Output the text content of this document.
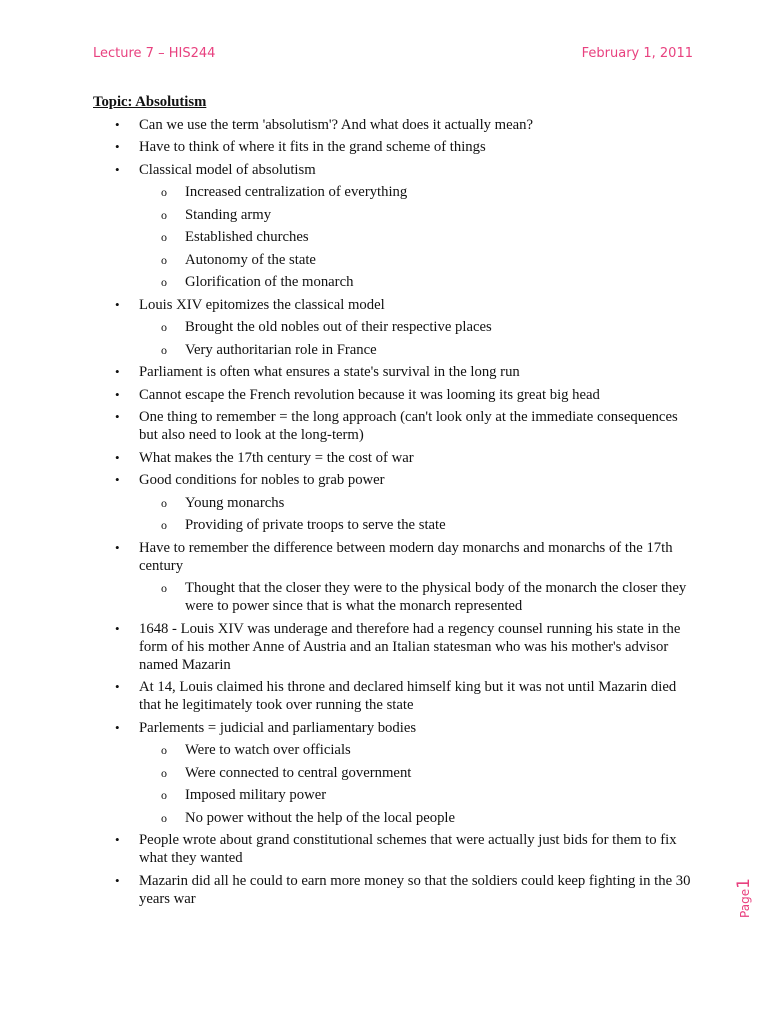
Lecture 7 – HIS244	February 1, 2011
Topic: Absolutism
• Can we use the term 'absolutism'? And what does it actually mean?
• Have to think of where it fits in the grand scheme of things
• Classical model of absolutism
o Increased centralization of everything
o Standing army
o Established churches
o Autonomy of the state
o Glorification of the monarch
• Louis XIV epitomizes the classical model
o Brought the old nobles out of their respective places
o Very authoritarian role in France
• Parliament is often what ensures a state's survival in the long run
• Cannot escape the French revolution because it was looming its great big head
• One thing to remember = the long approach (can't look only at the immediate consequences but also need to look at the long-term)
• What makes the 17th century = the cost of war
• Good conditions for nobles to grab power
o Young monarchs
o Providing of private troops to serve the state
• Have to remember the difference between modern day monarchs and monarchs of the 17th century
o Thought that the closer they were to the physical body of the monarch the closer they were to power since that is what the monarch represented
• 1648 - Louis XIV was underage and therefore had a regency counsel running his state in the form of his mother Anne of Austria and an Italian statesman who was his mother's advisor named Mazarin
• At 14, Louis claimed his throne and declared himself king but it was not until Mazarin died that he legitimately took over running the state
• Parlements = judicial and parliamentary bodies
o Were to watch over officials
o Were connected to central government
o Imposed military power
o No power without the help of the local people
• People wrote about grand constitutional schemes that were actually just bids for them to fix what they wanted
• Mazarin did all he could to earn more money so that the soldiers could keep fighting in the 30 years war	Page1
